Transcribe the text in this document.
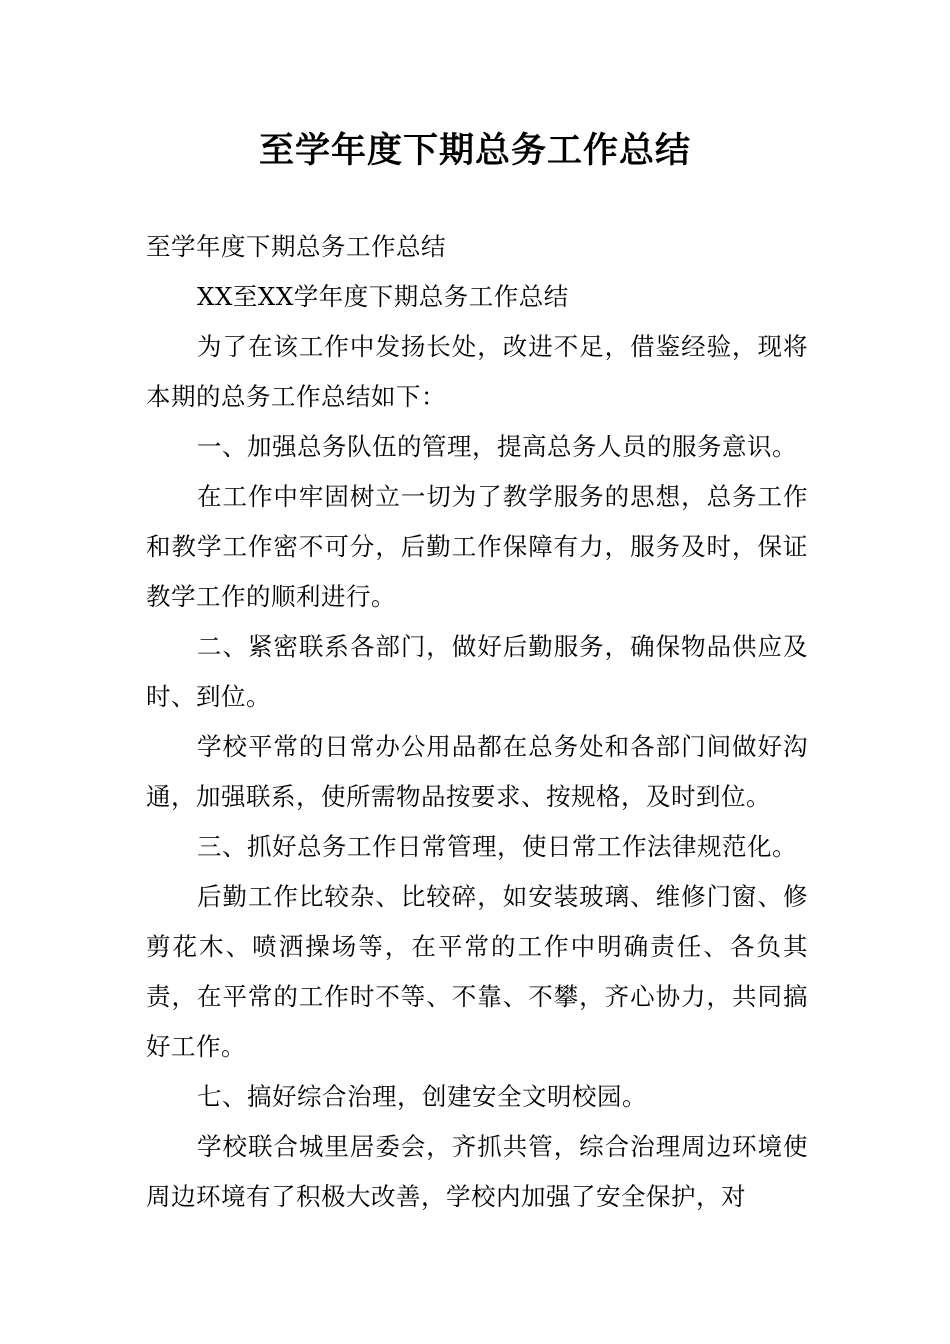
至学年度下期总务工作总结

至学年度下期总务工作总结

XX至XX学年度下期总务工作总结

为了在该工作中发扬长处，改进不足，借鉴经验，现将本期的总务工作总结如下：

一、加强总务队伍的管理，提高总务人员的服务意识。

在工作中牢固树立一切为了教学服务的思想，总务工作和教学工作密不可分，后勤工作保障有力，服务及时，保证教学工作的顺利进行。

二、紧密联系各部门，做好后勤服务，确保物品供应及时、到位。

学校平常的日常办公用品都在总务处和各部门间做好沟通，加强联系，使所需物品按要求、按规格，及时到位。

三、抓好总务工作日常管理，使日常工作法律规范化。

后勤工作比较杂、比较碎，如安装玻璃、维修门窗、修剪花木、喷洒操场等，在平常的工作中明确责任、各负其责，在平常的工作时不等、不靠、不攀，齐心协力，共同搞好工作。

七、搞好综合治理，创建安全文明校园。

学校联合城里居委会，齐抓共管，综合治理周边环境使周边环境有了积极大改善，学校内加强了安全保护，对
